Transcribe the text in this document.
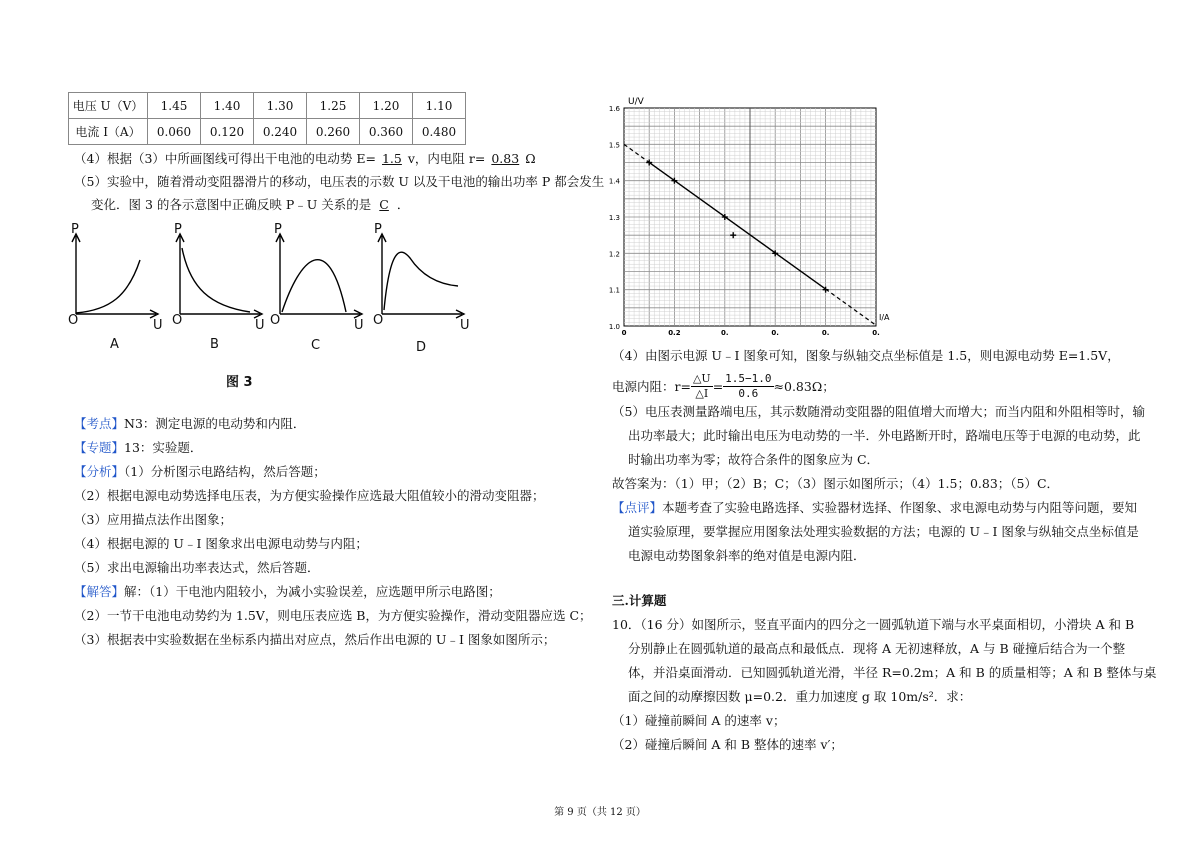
电压 U（V）	1.45	1.40	1.30	1.25	1.20	1.10
电流 I（A）	0.060	0.120	0.240	0.260	0.360	0.480
（4）根据（3）中所画图线可得出干电池的电动势 E= 1.5 v，内电阻 r= 0.83 Ω
（5）实验中，随着滑动变阻器滑片的移动，电压表的示数 U 以及干电池的输出功率 P 都会发生
变化．图 3 的各示意图中正确反映 P﹣U 关系的是 C ．
P
O	U
A
P
O	U
B
P
O	U
C
P
O	U
D
图 3
【考点】N3：测定电源的电动势和内阻．
【专题】13：实验题．
【分析】（1）分析图示电路结构，然后答题；
（2）根据电源电动势选择电压表，为方便实验操作应选最大阻值较小的滑动变阻器；
（3）应用描点法作出图象；
（4）根据电源的 U﹣I 图象求出电源电动势与内阻；
（5）求出电源输出功率表达式，然后答题．
【解答】解：（1）干电池内阻较小，为减小实验误差，应选题甲所示电路图；
（2）一节干电池电动势约为 1.5V，则电压表应选 B，为方便实验操作，滑动变阻器应选 C；
（3）根据表中实验数据在坐标系内描出对应点，然后作出电源的 U﹣I 图象如图所示；
1.0
1.1
1.2
1.3
1.4
1.5
1.6
0	0.2	0.	0.	0.	0.
U/V
I/A
（4）由图示电源 U﹣I 图象可知，图象与纵轴交点坐标值是 1.5，则电源电动势 E=1.5V，
电源内阻：$r= \frac{\triangle U}{\triangle I} = \frac{1.5-1.0}{0.6} \approx 0.83\Omega$；
（5）电压表测量路端电压，其示数随滑动变阻器的阻值增大而增大；而当内阻和外阻相等时，输
出功率最大；此时输出电压为电动势的一半．外电路断开时，路端电压等于电源的电动势，此
时输出功率为零；故符合条件的图象应为 C．
故答案为：（1）甲；（2）B；C；（3）图示如图所示；（4）1.5；0.83；（5）C．
【点评】本题考查了实验电路选择、实验器材选择、作图象、求电源电动势与内阻等问题，要知
道实验原理，要掌握应用图象法处理实验数据的方法；电源的 U﹣I 图象与纵轴交点坐标值是
电源电动势图象斜率的绝对值是电源内阻．
三.计算题
10．（16 分）如图所示，竖直平面内的四分之一圆弧轨道下端与水平桌面相切，小滑块 A 和 B
分别静止在圆弧轨道的最高点和最低点．现将 A 无初速释放，A 与 B 碰撞后结合为一个整
体，并沿桌面滑动．已知圆弧轨道光滑，半径 R=0.2m；A 和 B 的质量相等；A 和 B 整体与桌
面之间的动摩擦因数 μ=0.2．重力加速度 g 取 10m/s²．求：
（1）碰撞前瞬间 A 的速率 v；
（2）碰撞后瞬间 A 和 B 整体的速率 v′；
第 9 页（共 12 页）
